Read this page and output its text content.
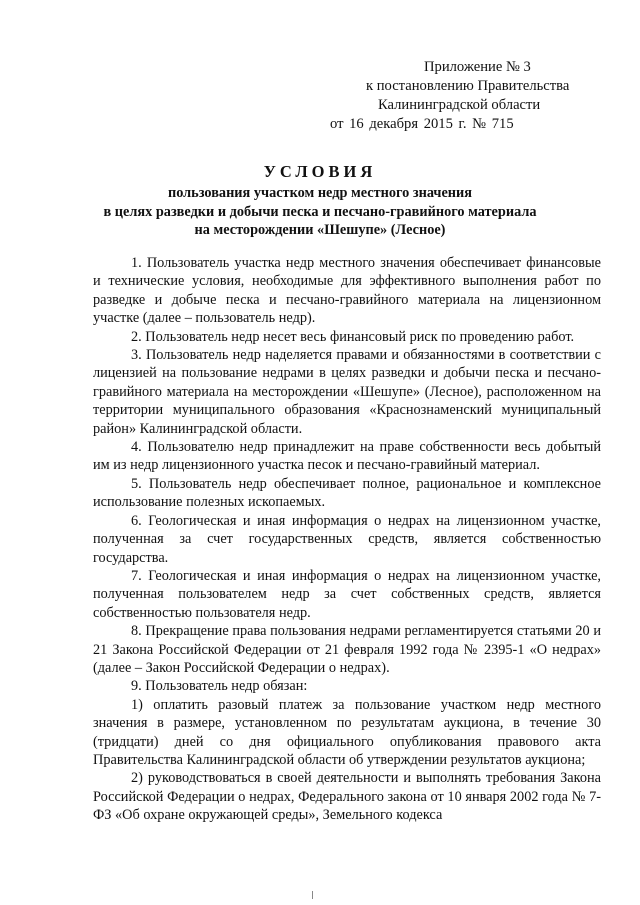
Приложение № 3
к постановлению Правительства
Калининградской области
от 16 декабря 2015 г. № 715
УСЛОВИЯ
пользования участком недр местного значения
в целях разведки и добычи песка и песчано-гравийного материала
на месторождении «Шешупе» (Лесное)

1. Пользователь участка недр местного значения обеспечивает финансовые и технические условия, необходимые для эффективного выполнения работ по разведке и добыче песка и песчано-гравийного материала на лицензионном участке (далее – пользователь недр).

2. Пользователь недр несет весь финансовый риск по проведению работ.

3. Пользователь недр наделяется правами и обязанностями в соответствии с лицензией на пользование недрами в целях разведки и добычи песка и песчано-гравийного материала на месторождении «Шешупе» (Лесное), расположенном на территории муниципального образования «Краснознаменский муниципальный район» Калининградской области.

4. Пользователю недр принадлежит на праве собственности весь добытый им из недр лицензионного участка песок и песчано-гравийный материал.

5. Пользователь недр обеспечивает полное, рациональное и комплексное использование полезных ископаемых.

6. Геологическая и иная информация о недрах на лицензионном участке, полученная за счет государственных средств, является собственностью государства.

7. Геологическая и иная информация о недрах на лицензионном участке, полученная пользователем недр за счет собственных средств, является собственностью пользователя недр.

8. Прекращение права пользования недрами регламентируется статьями 20 и 21 Закона Российской Федерации от 21 февраля 1992 года № 2395-1 «О недрах» (далее – Закон Российской Федерации о недрах).

9. Пользователь недр обязан:

1) оплатить разовый платеж за пользование участком недр местного значения в размере, установленном по результатам аукциона, в течение 30 (тридцати) дней со дня официального опубликования правового акта Правительства Калининградской области об утверждении результатов аукциона;

2) руководствоваться в своей деятельности и выполнять требования Закона Российской Федерации о недрах, Федерального закона от 10 января 2002 года № 7-ФЗ «Об охране окружающей среды», Земельного кодекса
